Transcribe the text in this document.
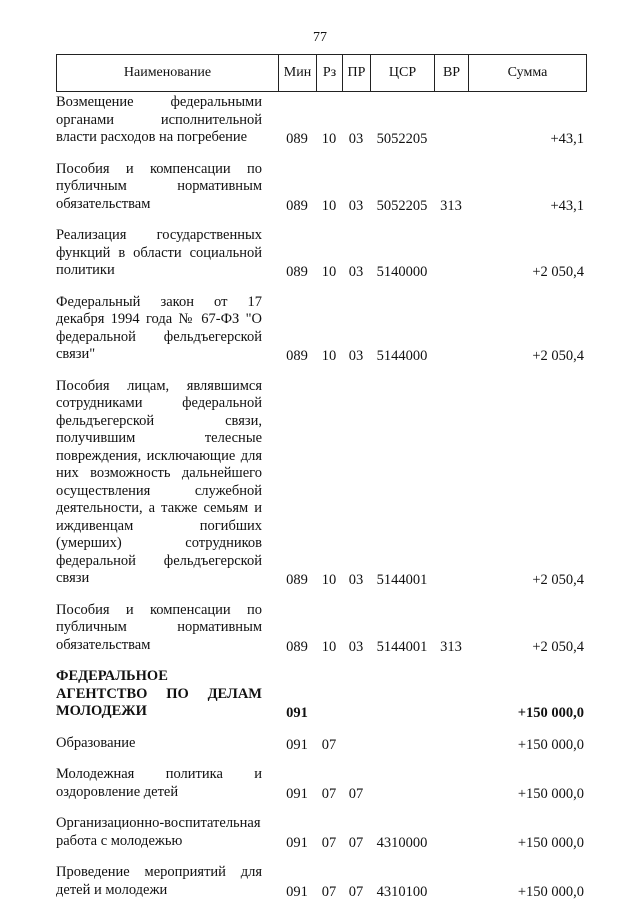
77
Наименование	Мин	Рз	ПР	ЦСР	ВР	Сумма
Возмещение федеральными органами исполнительной власти расходов на погребение	089	10	03	5052205		+43,1
Пособия и компенсации по публичным нормативным обязательствам	089	10	03	5052205	313	+43,1
Реализация государственных функций в области социальной политики	089	10	03	5140000		+2 050,4
Федеральный закон от 17 декабря 1994 года № 67-ФЗ "О федеральной фельдъегерской связи"	089	10	03	5144000		+2 050,4
Пособия лицам, являвшимся сотрудниками федеральной фельдъегерской связи, получившим телесные повреждения, исключающие для них возможность дальнейшего осуществления служебной деятельности, а также семьям и иждивенцам погибших (умерших) сотрудников федеральной фельдъегерской связи	089	10	03	5144001		+2 050,4
Пособия и компенсации по публичным нормативным обязательствам	089	10	03	5144001	313	+2 050,4
ФЕДЕРАЛЬНОЕ АГЕНТСТВО ПО ДЕЛАМ МОЛОДЕЖИ	091					+150 000,0
Образование	091	07				+150 000,0
Молодежная политика и оздоровление детей	091	07	07			+150 000,0
Организационно-воспитательная работа с молодежью	091	07	07	4310000		+150 000,0
Проведение мероприятий для детей и молодежи	091	07	07	4310100		+150 000,0
